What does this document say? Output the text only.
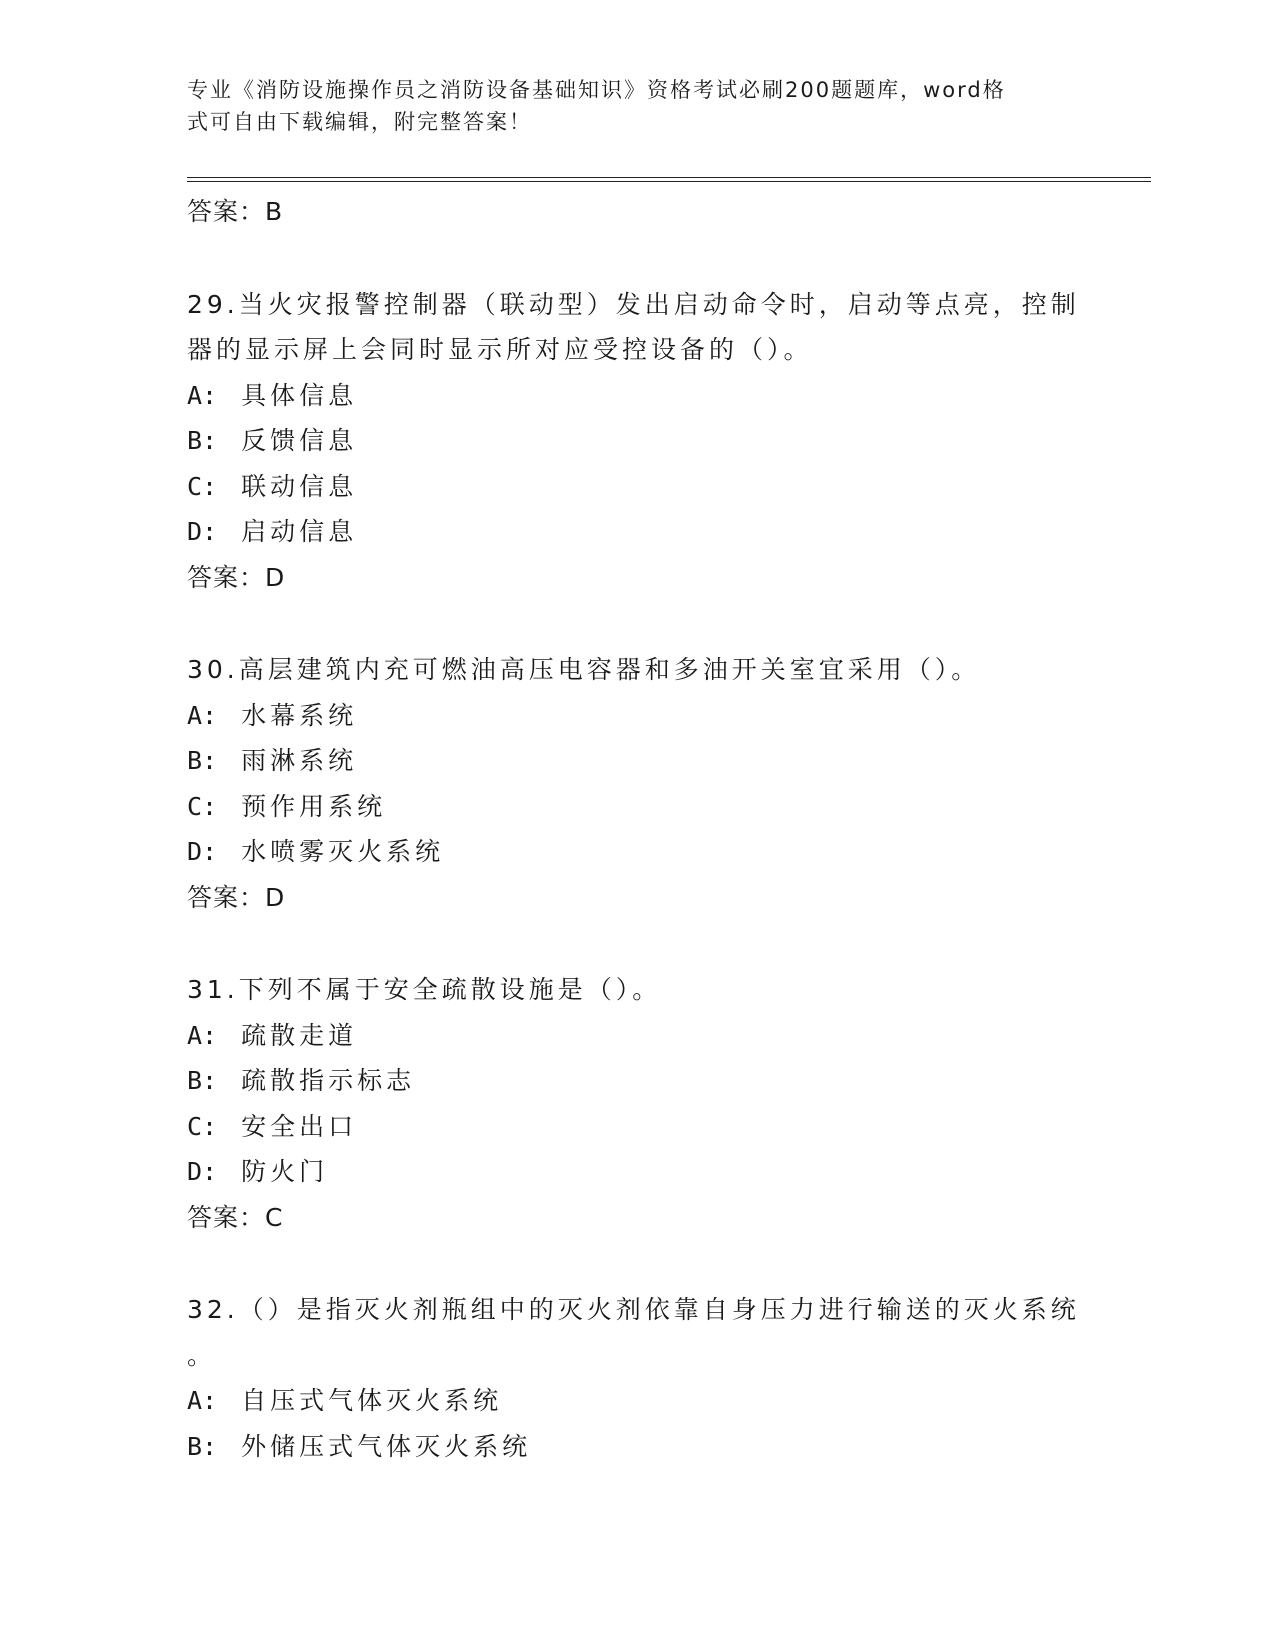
专业《消防设施操作员之消防设备基础知识》资格考试必刷200题题库，word格
式可自由下载编辑，附完整答案！
答案：B
29.当火灾报警控制器（联动型）发出启动命令时，启动等点亮，控制
器的显示屏上会同时显示所对应受控设备的（）。
A: 具体信息
B: 反馈信息
C: 联动信息
D: 启动信息
答案：D
30.高层建筑内充可燃油高压电容器和多油开关室宜采用（）。
A: 水幕系统
B: 雨淋系统
C: 预作用系统
D: 水喷雾灭火系统
答案：D
31.下列不属于安全疏散设施是（）。
A: 疏散走道
B: 疏散指示标志
C: 安全出口
D: 防火门
答案：C
32.（）是指灭火剂瓶组中的灭火剂依靠自身压力进行输送的灭火系统
。
A: 自压式气体灭火系统
B: 外储压式气体灭火系统
